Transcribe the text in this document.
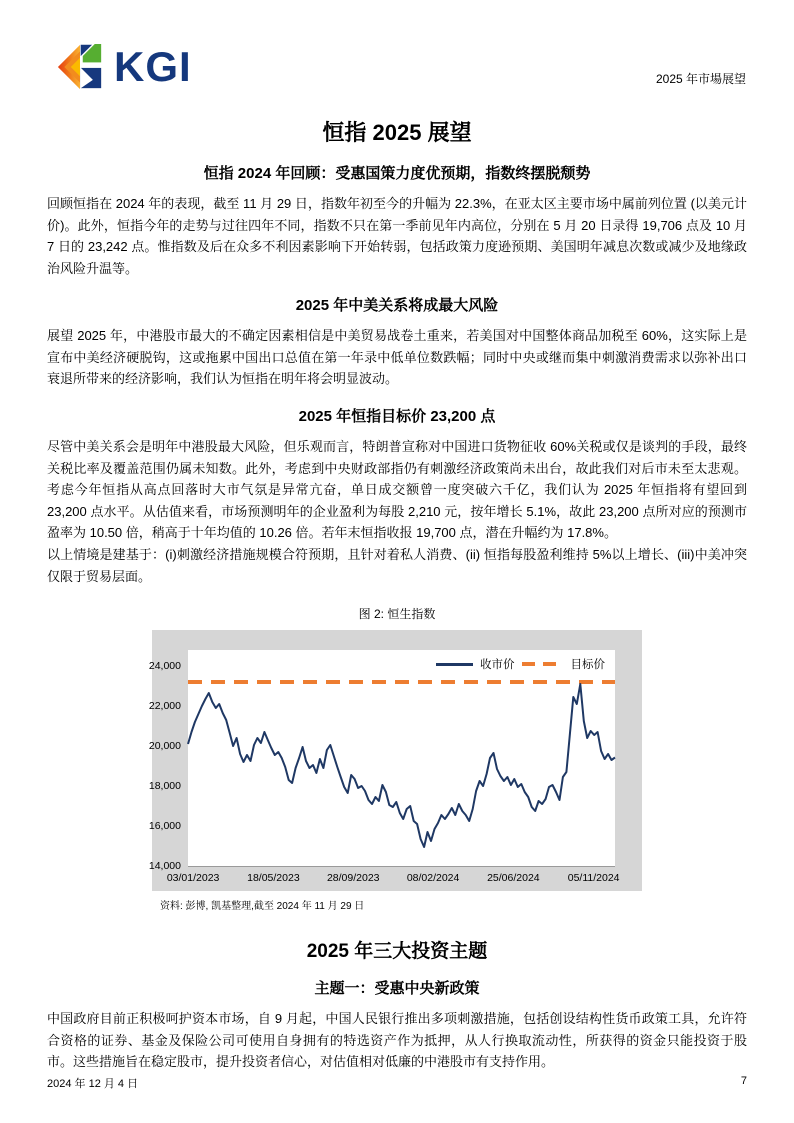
KGI	2025 年市場展望
恒指 2025 展望
恒指 2024 年回顾：受惠国策力度优预期，指数终摆脱颓势

回顾恒指在 2024 年的表现，截至 11 月 29 日，指数年初至今的升幅为 22.3%，在亚太区主要市场中属前列位置 (以美元计价)。此外，恒指今年的走势与过往四年不同，指数不只在第一季前见年内高位，分别在 5 月 20 日录得 19,706 点及 10 月 7 日的 23,242 点。惟指数及后在众多不利因素影响下开始转弱，包括政策力度逊预期、美国明年减息次数或减少及地缘政治风险升温等。

2025 年中美关系将成最大风险

展望 2025 年，中港股市最大的不确定因素相信是中美贸易战卷土重来，若美国对中国整体商品加税至 60%，这实际上是宣布中美经济硬脱钩，这或拖累中国出口总值在第一年录中低单位数跌幅；同时中央或继而集中刺激消费需求以弥补出口衰退所带来的经济影响，我们认为恒指在明年将会明显波动。

2025 年恒指目标价 23,200 点

尽管中美关系会是明年中港股最大风险，但乐观而言，特朗普宣称对中国进口货物征收 60%关税或仅是谈判的手段，最终关税比率及覆盖范围仍属未知数。此外，考虑到中央财政部指仍有刺激经济政策尚未出台，故此我们对后市未至太悲观。考虑今年恒指从高点回落时大市气氛是异常亢奋，单日成交额曾一度突破六千亿，我们认为 2025 年恒指将有望回到 23,200 点水平。从估值来看，市场预测明年的企业盈利为每股 2,210 元，按年增长 5.1%，故此 23,200 点所对应的预测市盈率为 10.50 倍，稍高于十年均值的 10.26 倍。若年末恒指收报 19,700 点，潜在升幅约为 17.8%。

以上情境是建基于：(i)刺激经济措施规模合符预期，且针对着私人消费、(ii) 恒指每股盈利维持 5%以上增长、(iii)中美冲突仅限于贸易层面。

图 2: 恒生指数
14,000
16,000
18,000
20,000
22,000
24,000	收市价	目标价
03/01/2023	18/05/2023	28/09/2023	08/02/2024	25/06/2024	05/11/2024
资料: 彭博, 凯基整理,截至 2024 年 11 月 29 日
2025 年三大投资主题
主题一：受惠中央新政策

中国政府目前正积极呵护资本市场，自 9 月起，中国人民银行推出多项刺激措施，包括创设结构性货币政策工具，允许符合资格的证券、基金及保险公司可使用自身拥有的特选资产作为抵押，从人行换取流动性，所获得的资金只能投资于股市。这些措施旨在稳定股市，提升投资者信心，对估值相对低廉的中港股市有支持作用。

2024 年 12 月 4 日	7
